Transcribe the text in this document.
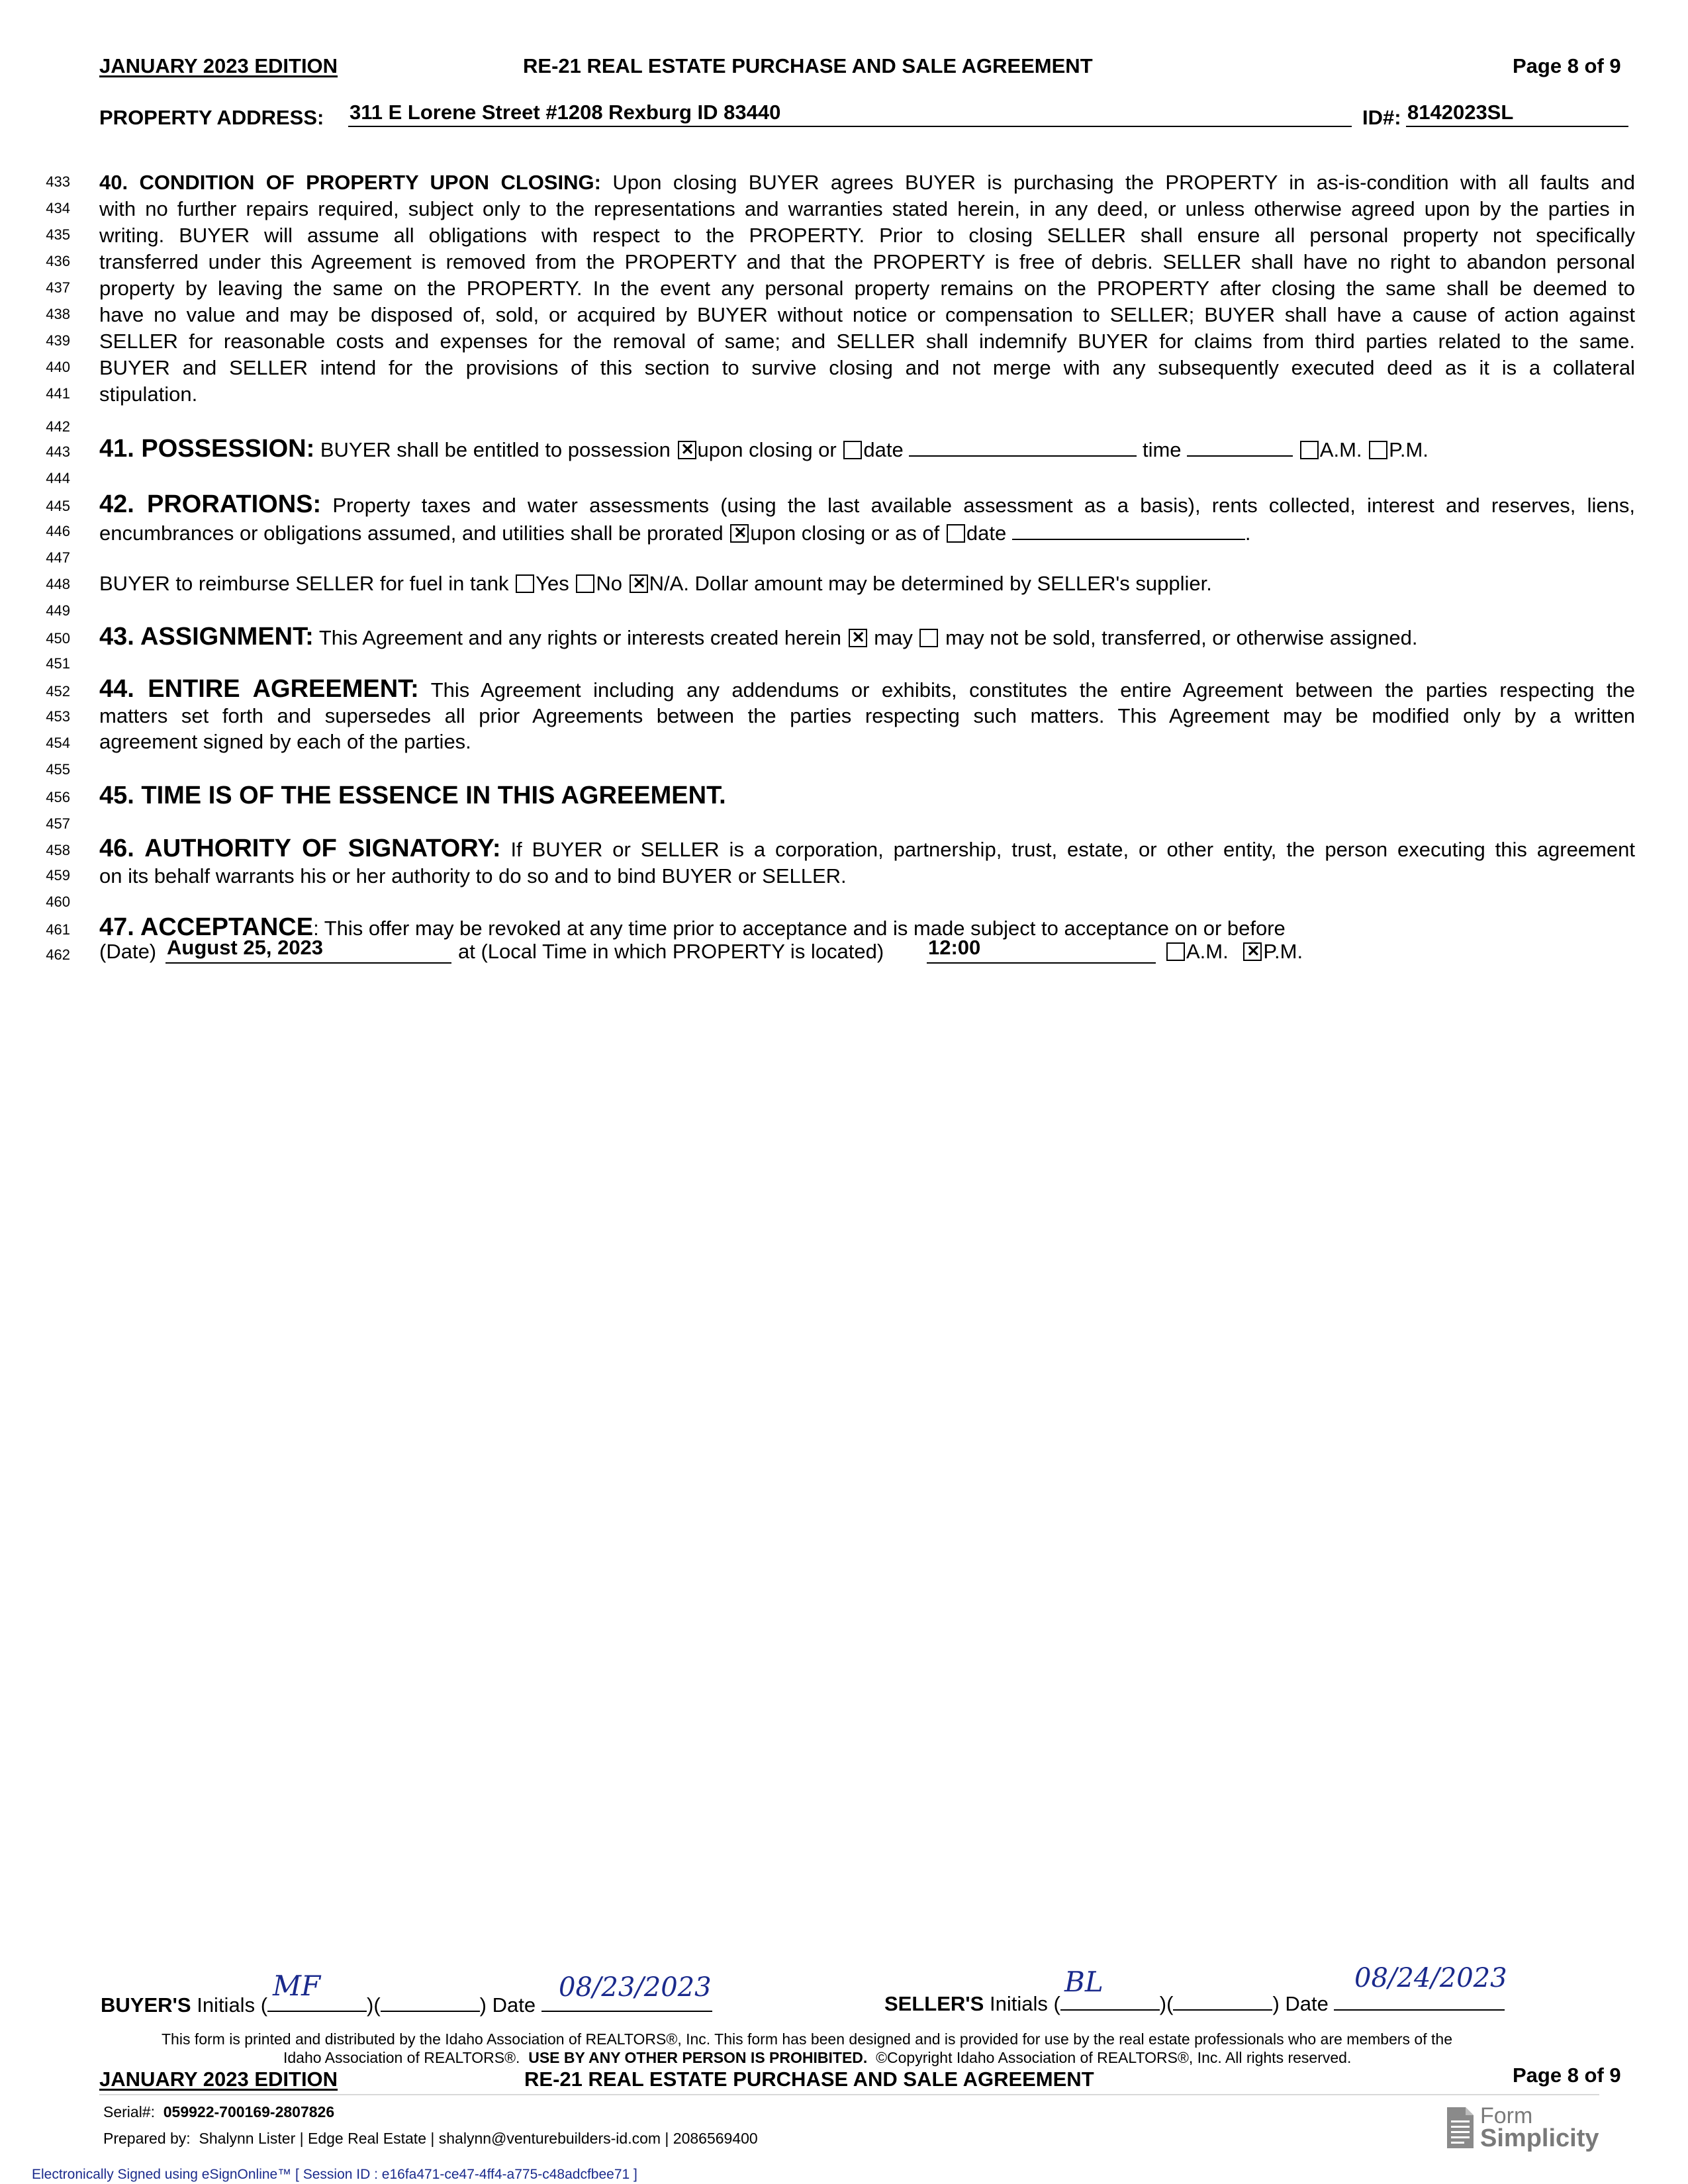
JANUARY 2023 EDITION	RE-21 REAL ESTATE PURCHASE AND SALE AGREEMENT	Page 8 of 9
PROPERTY ADDRESS: 311 E Lorene Street #1208 Rexburg ID 83440	ID#: 8142023SL
433
434
435
436
437
438
439
440
441
442
443
444
445
446
447
448
449
450
451
452
453
454
455
456
457
458
459
460
461
462
40. CONDITION OF PROPERTY UPON CLOSING: Upon closing BUYER agrees BUYER is purchasing the PROPERTY in as-is-condition with all faults and
with no further repairs required, subject only to the representations and warranties stated herein, in any deed, or unless otherwise agreed upon by the parties in
writing. BUYER will assume all obligations with respect to the PROPERTY. Prior to closing SELLER shall ensure all personal property not specifically
transferred under this Agreement is removed from the PROPERTY and that the PROPERTY is free of debris. SELLER shall have no right to abandon personal
property by leaving the same on the PROPERTY. In the event any personal property remains on the PROPERTY after closing the same shall be deemed to
have no value and may be disposed of, sold, or acquired by BUYER without notice or compensation to SELLER; BUYER shall have a cause of action against
SELLER for reasonable costs and expenses for the removal of same; and SELLER shall indemnify BUYER for claims from third parties related to the same.
BUYER and SELLER intend for the provisions of this section to survive closing and not merge with any subsequently executed deed as it is a collateral
stipulation.
41. POSSESSION: BUYER shall be entitled to possession ✕ upon closing or date	time	A.M. P.M.
42. PRORATIONS: Property taxes and water assessments (using the last available assessment as a basis), rents collected, interest and reserves, liens,
encumbrances or obligations assumed, and utilities shall be prorated ✕ upon closing or as of date	.
BUYER to reimburse SELLER for fuel in tank Yes No ✕ N/A. Dollar amount may be determined by SELLER's supplier.
43. ASSIGNMENT: This Agreement and any rights or interests created herein ✕ may may not be sold, transferred, or otherwise assigned.
44. ENTIRE AGREEMENT: This Agreement including any addendums or exhibits, constitutes the entire Agreement between the parties respecting the
matters set forth and supersedes all prior Agreements between the parties respecting such matters. This Agreement may be modified only by a written
agreement signed by each of the parties.
45. TIME IS OF THE ESSENCE IN THIS AGREEMENT.
46. AUTHORITY OF SIGNATORY: If BUYER or SELLER is a corporation, partnership, trust, estate, or other entity, the person executing this agreement
on its behalf warrants his or her authority to do so and to bind BUYER or SELLER.
47. ACCEPTANCE: This offer may be revoked at any time prior to acceptance and is made subject to acceptance on or before
(Date) August 25, 2023	at (Local Time in which PROPERTY is located) 12:00	A.M. ✕ P.M.
BUYER'S Initials (	)(	) Date
MF	08/23/2023
SELLER'S Initials (	)(	) Date
BL	08/24/2023
This form is printed and distributed by the Idaho Association of REALTORS®, Inc. This form has been designed and is provided for use by the real estate professionals who are members of the
Idaho Association of REALTORS®. USE BY ANY OTHER PERSON IS PROHIBITED. ©Copyright Idaho Association of REALTORS®, Inc. All rights reserved.
JANUARY 2023 EDITION	RE-21 REAL ESTATE PURCHASE AND SALE AGREEMENT	Page 8 of 9
Serial#: 059922-700169-2807826
Prepared by: Shalynn Lister | Edge Real Estate | shalynn@venturebuilders-id.com | 2086569400
Form
Simplicity
Electronically Signed using eSignOnline™ [ Session ID : e16fa471-ce47-4ff4-a775-c48adcfbee71 ]
